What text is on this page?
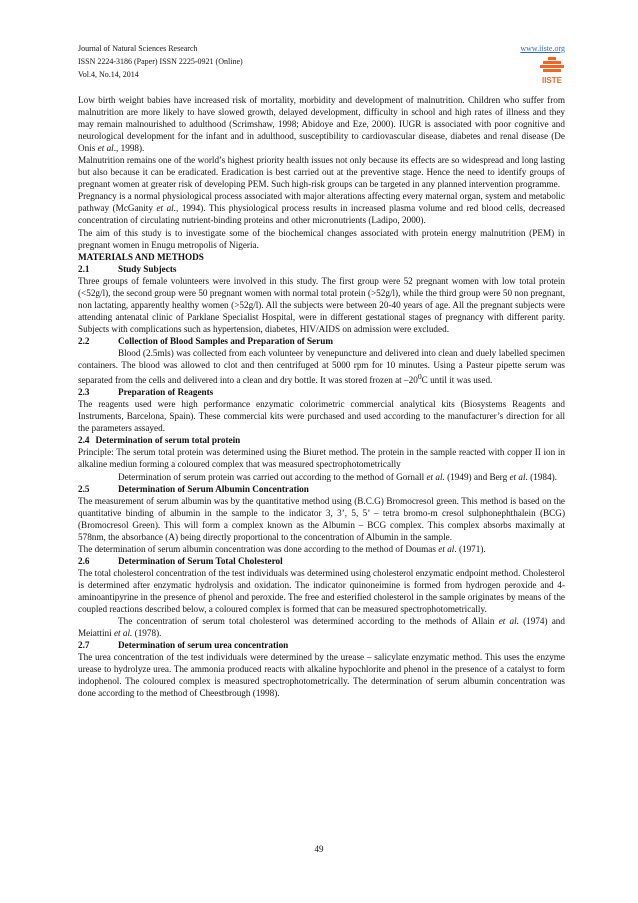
Journal of Natural Sciences Research
ISSN 2224-3186 (Paper) ISSN 2225-0921 (Online)
Vol.4, No.14, 2014
www.iiste.org
IISTE

Low birth weight babies have increased risk of mortality, morbidity and development of malnutrition. Children who suffer from malnutrition are more likely to have slowed growth, delayed development, difficulty in school and high rates of illness and they may remain malnourished to adulthood (Scrimshaw, 1998; Abidoye and Eze, 2000). IUGR is associated with poor cognitive and neurological development for the infant and in adulthood, susceptibility to cardiovascular disease, diabetes and renal disease (De Onis et al., 1998).

Malnutrition remains one of the world’s highest priority health issues not only because its effects are so widespread and long lasting but also because it can be eradicated. Eradication is best carried out at the preventive stage. Hence the need to identify groups of pregnant women at greater risk of developing PEM. Such high-risk groups can be targeted in any planned intervention programme.

Pregnancy is a normal physiological process associated with major alterations affecting every maternal organ, system and metabolic pathway (McGanity et al., 1994). This physiological process results in increased plasma volume and red blood cells, decreased concentration of circulating nutrient-binding proteins and other micronutrients (Ladipo, 2000).

The aim of this study is to investigate some of the biochemical changes associated with protein energy malnutrition (PEM) in pregnant women in Enugu metropolis of Nigeria.

MATERIALS AND METHODS

2.1	Study Subjects

Three groups of female volunteers were involved in this study. The first group were 52 pregnant women with low total protein (<52g/l), the second group were 50 pregnant women with normal total protein (>52g/l), while the third group were 50 non pregnant, non lactating, apparently healthy women (>52g/l). All the subjects were between 20-40 years of age. All the pregnant subjects were attending antenatal clinic of Parklane Specialist Hospital, were in different gestational stages of pregnancy with different parity. Subjects with complications such as hypertension, diabetes, HIV/AIDS on admission were excluded.

2.2	Collection of Blood Samples and Preparation of Serum

Blood (2.5mls) was collected from each volunteer by venepuncture and delivered into clean and duely labelled specimen containers. The blood was allowed to clot and then centrifuged at 5000 rpm for 10 minutes. Using a Pasteur pipette serum was separated from the cells and delivered into a clean and dry bottle. It was stored frozen at $-20^0C$ until it was used.

2.3	Preparation of Reagents

The reagents used were high performance enzymatic colorimetric commercial analytical kits (Biosystems Reagents and Instruments, Barcelona, Spain). These commercial kits were purchased and used according to the manufacturer’s direction for all the parameters assayed.

2.4 Determination of serum total protein

Principle: The serum total protein was determined using the Biuret method. The protein in the sample reacted with copper II ion in alkaline mediun forming a coloured complex that was measured spectrophotometrically

Determination of serum protein was carried out according to the method of Gornall et al. (1949) and Berg et al. (1984).

2.5	Determination of Serum Albumin Concentration

The measurement of serum albumin was by the quantitative method using (B.C.G) Bromocresol green. This method is based on the quantitative binding of albumin in the sample to the indicator 3, 3’, 5, 5’ – tetra bromo-m cresol sulphonephthalein (BCG) (Bromocresol Green). This will form a complex known as the Albumin – BCG complex. This complex absorbs maximally at 578nm, the absorbance (A) being directly proportional to the concentration of Albumin in the sample.

The determination of serum albumin concentration was done according to the method of Doumas et al. (1971).

2.6	Determination of Serum Total Cholesterol

The total cholesterol concentration of the test individuals was determined using cholesterol enzymatic endpoint method. Cholesterol is determined after enzymatic hydrolysis and oxidation. The indicator quinoneimine is formed from hydrogen peroxide and 4-aminoantipyrine in the presence of phenol and peroxide. The free and esterified cholesterol in the sample originates by means of the coupled reactions described below, a coloured complex is formed that can be measured spectrophotometrically.

The concentration of serum total cholesterol was determined according to the methods of Allain et al. (1974) and Meiattini et al. (1978).

2.7	Determination of serum urea concentration

The urea concentration of the test individuals were determined by the urease – salicylate enzymatic method. This uses the enzyme urease to hydrolyze urea. The ammonia produced reacts with alkaline hypochlorite and phenol in the presence of a catalyst to form indophenol. The coloured complex is measured spectrophotometrically. The determination of serum albumin concentration was done according to the method of Cheestbrough (1998).

49
